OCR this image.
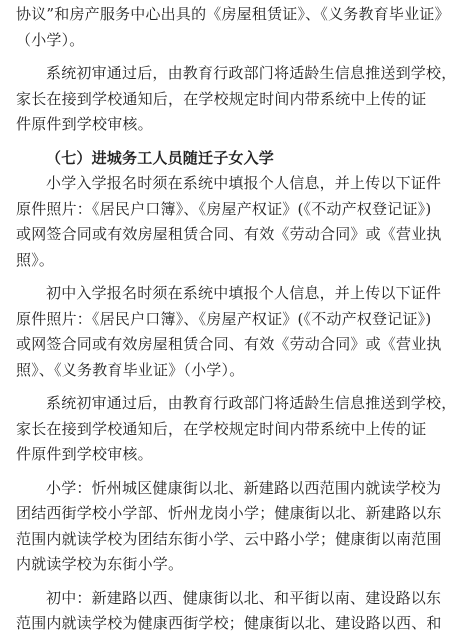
协议”和房产服务中心出具的《房屋租赁证》、《义务教育毕业证》
（小学）。
系统初审通过后，由教育行政部门将适龄生信息推送到学校，
家长在接到学校通知后，在学校规定时间内带系统中上传的证
件原件到学校审核。
（七）进城务工人员随迁子女入学
小学入学报名时须在系统中填报个人信息，并上传以下证件
原件照片：《居民户口簿》、《房屋产权证》(《不动产权登记证》)
或网签合同或有效房屋租赁合同、有效《劳动合同》或《营业执
照》。
初中入学报名时须在系统中填报个人信息，并上传以下证件
原件照片：《居民户口簿》、《房屋产权证》(《不动产权登记证》)
或网签合同或有效房屋租赁合同、有效《劳动合同》或《营业执
照》、《义务教育毕业证》（小学）。
系统初审通过后，由教育行政部门将适龄生信息推送到学校，
家长在接到学校通知后，在学校规定时间内带系统中上传的证
件原件到学校审核。
小学：忻州城区健康街以北、新建路以西范围内就读学校为
团结西街学校小学部、忻州龙岗小学；健康街以北、新建路以东
范围内就读学校为团结东街小学、云中路小学；健康街以南范围
内就读学校为东街小学。
初中：新建路以西、健康街以北、和平街以南、建设路以东
范围内就读学校为健康西街学校；健康街以北、建设路以西、和
